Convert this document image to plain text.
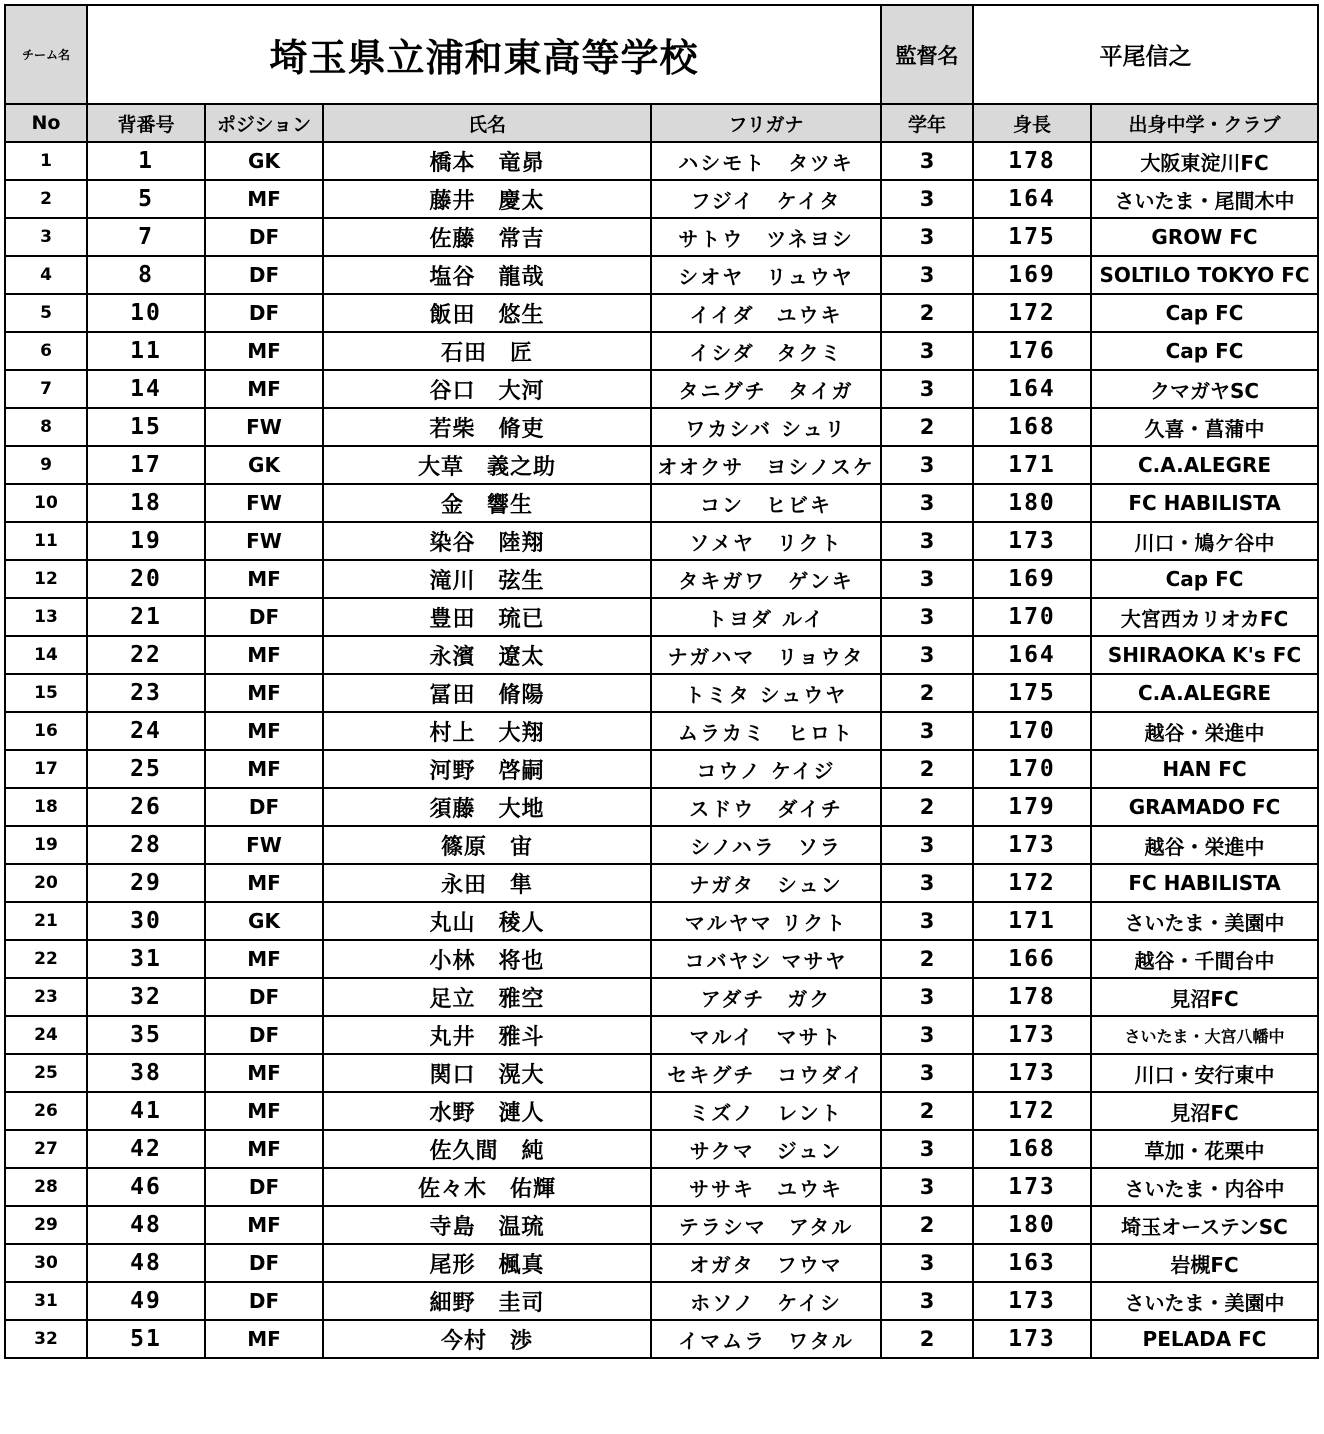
チーム名	埼玉県立浦和東高等学校				監督名	平尾信之	
No	背番号	ポジション	氏名	フリガナ	学年	身長	出身中学・クラブ
1	1	GK	橋本　竜昴	ハシモト　タツキ	3	178	大阪東淀川FC
2	5	MF	藤井　慶太	フジイ　ケイタ	3	164	さいたま・尾間木中
3	7	DF	佐藤　常吉	サトウ　ツネヨシ	3	175	GROW FC
4	8	DF	塩谷　龍哉	シオヤ　リュウヤ	3	169	SOLTILO TOKYO FC
5	10	DF	飯田　悠生	イイダ　ユウキ	2	172	Cap FC
6	11	MF	石田　匠	イシダ　タクミ	3	176	Cap FC
7	14	MF	谷口　大河	タニグチ　タイガ	3	164	クマガヤSC
8	15	FW	若柴　脩吏	ワカシバ シュリ	2	168	久喜・菖蒲中
9	17	GK	大草　義之助	オオクサ　ヨシノスケ	3	171	C.A.ALEGRE
10	18	FW	金　響生	コン　ヒビキ	3	180	FC HABILISTA
11	19	FW	染谷　陸翔	ソメヤ　リクト	3	173	川口・鳩ケ谷中
12	20	MF	滝川　弦生	タキガワ　ゲンキ	3	169	Cap FC
13	21	DF	豊田　琉已	トヨダ ルイ	3	170	大宮西カリオカFC
14	22	MF	永濱　遼太	ナガハマ　リョウタ	3	164	SHIRAOKA K's FC
15	23	MF	冨田　脩陽	トミタ シュウヤ	2	175	C.A.ALEGRE
16	24	MF	村上　大翔	ムラカミ　ヒロト	3	170	越谷・栄進中
17	25	MF	河野　啓嗣	コウノ ケイジ	2	170	HAN FC
18	26	DF	須藤　大地	スドウ　ダイチ	2	179	GRAMADO FC
19	28	FW	篠原　宙	シノハラ　ソラ	3	173	越谷・栄進中
20	29	MF	永田　隼	ナガタ　シュン	3	172	FC HABILISTA
21	30	GK	丸山　稜人	マルヤマ リクト	3	171	さいたま・美園中
22	31	MF	小林　将也	コバヤシ マサヤ	2	166	越谷・千間台中
23	32	DF	足立　雅空	アダチ　ガク	3	178	見沼FC
24	35	DF	丸井　雅斗	マルイ　マサト	3	173	さいたま・大宮八幡中
25	38	MF	関口　滉大	セキグチ　コウダイ	3	173	川口・安行東中
26	41	MF	水野　漣人	ミズノ　レント	2	172	見沼FC
27	42	MF	佐久間　純	サクマ　ジュン	3	168	草加・花栗中
28	46	DF	佐々木　佑輝	ササキ　ユウキ	3	173	さいたま・内谷中
29	48	MF	寺島　温琉	テラシマ　アタル	2	180	埼玉オーステンSC
30	48	DF	尾形　楓真	オガタ　フウマ	3	163	岩槻FC
31	49	DF	細野　圭司	ホソノ　ケイシ	3	173	さいたま・美園中
32	51	MF	今村　渉	イマムラ　ワタル	2	173	PELADA FC
